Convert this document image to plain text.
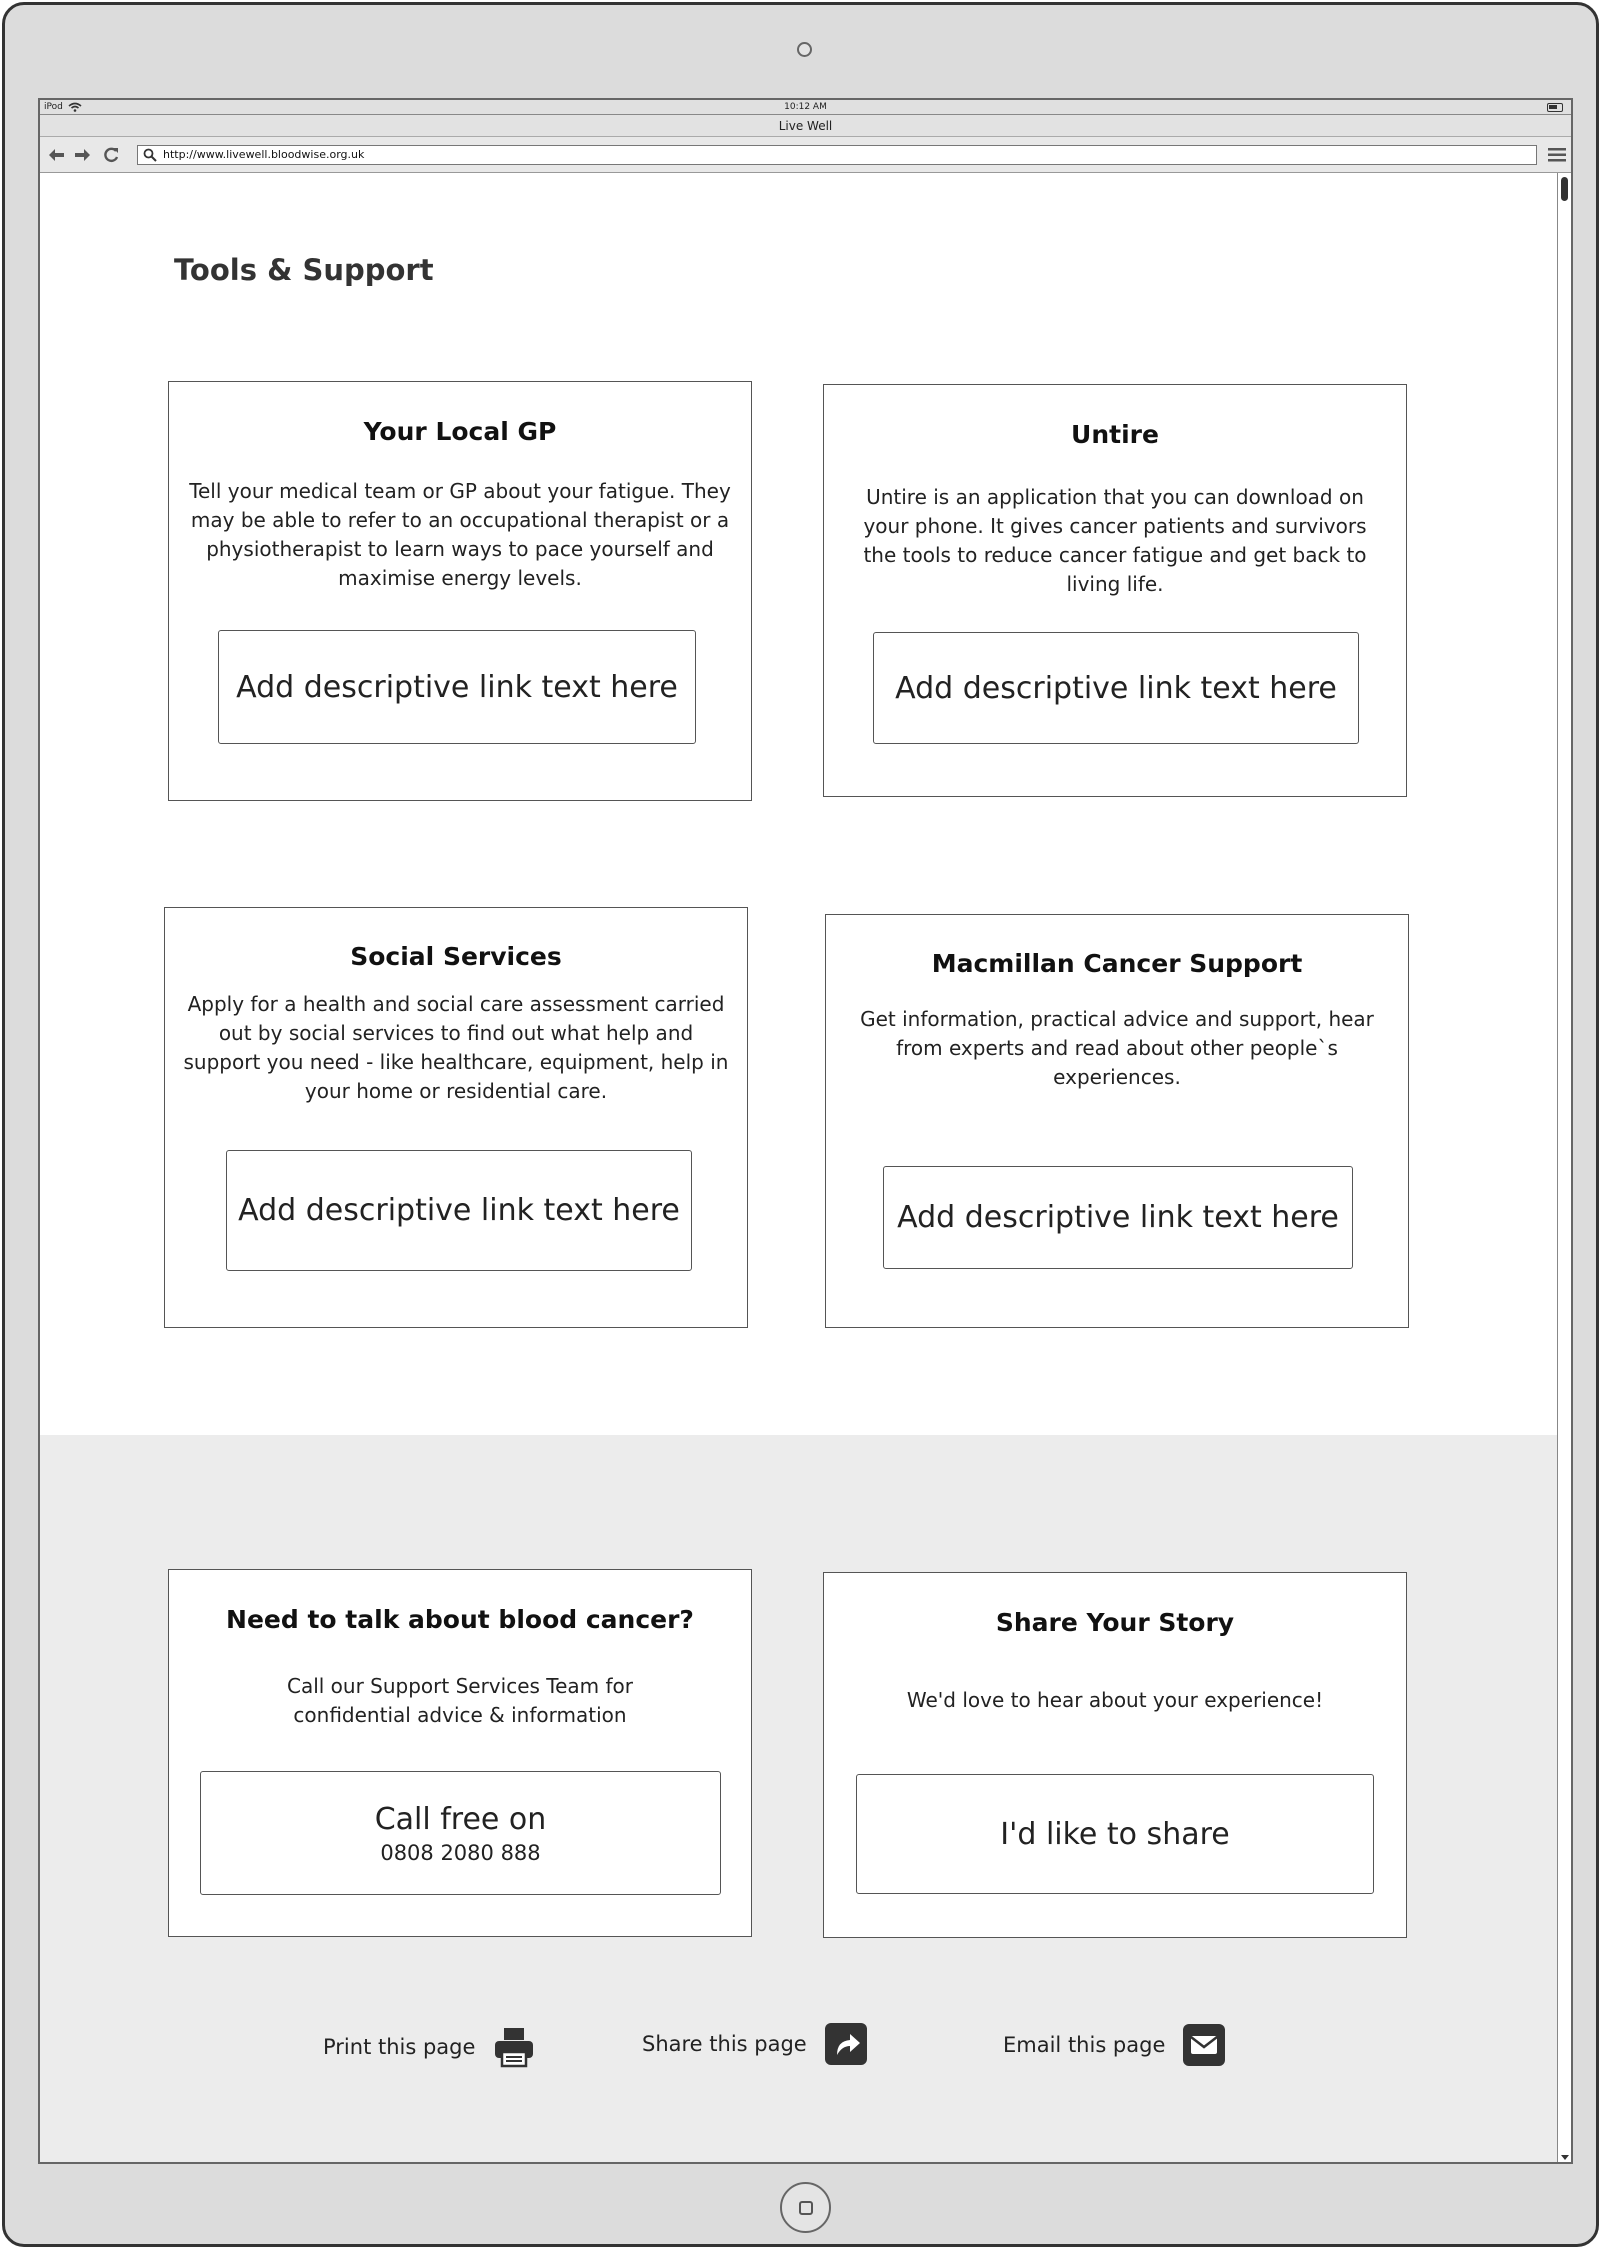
iPod	10:12 AM
Live Well
http://www.livewell.bloodwise.org.uk
Tools & Support
Your Local GP

Tell your medical team or GP about your fatigue. They may be able to refer to an occupational therapist or a physiotherapist to learn ways to pace yourself and maximise energy levels.

Add descriptive link text here
Untire

Untire is an application that you can download on your phone. It gives cancer patients and survivors the tools to reduce cancer fatigue and get back to living life.

Add descriptive link text here
Social Services

Apply for a health and social care assessment carried out by social services to find out what help and support you need - like healthcare, equipment, help in your home or residential care.

Add descriptive link text here
Macmillan Cancer Support

Get information, practical advice and support, hear from experts and read about other people`s experiences.

Add descriptive link text here
Need to talk about blood cancer?

Call our Support Services Team for confidential advice & information

Call free on
0808 2080 888
Share Your Story

We'd love to hear about your experience!

I'd like to share
Print this page	Share this page	Email this page
